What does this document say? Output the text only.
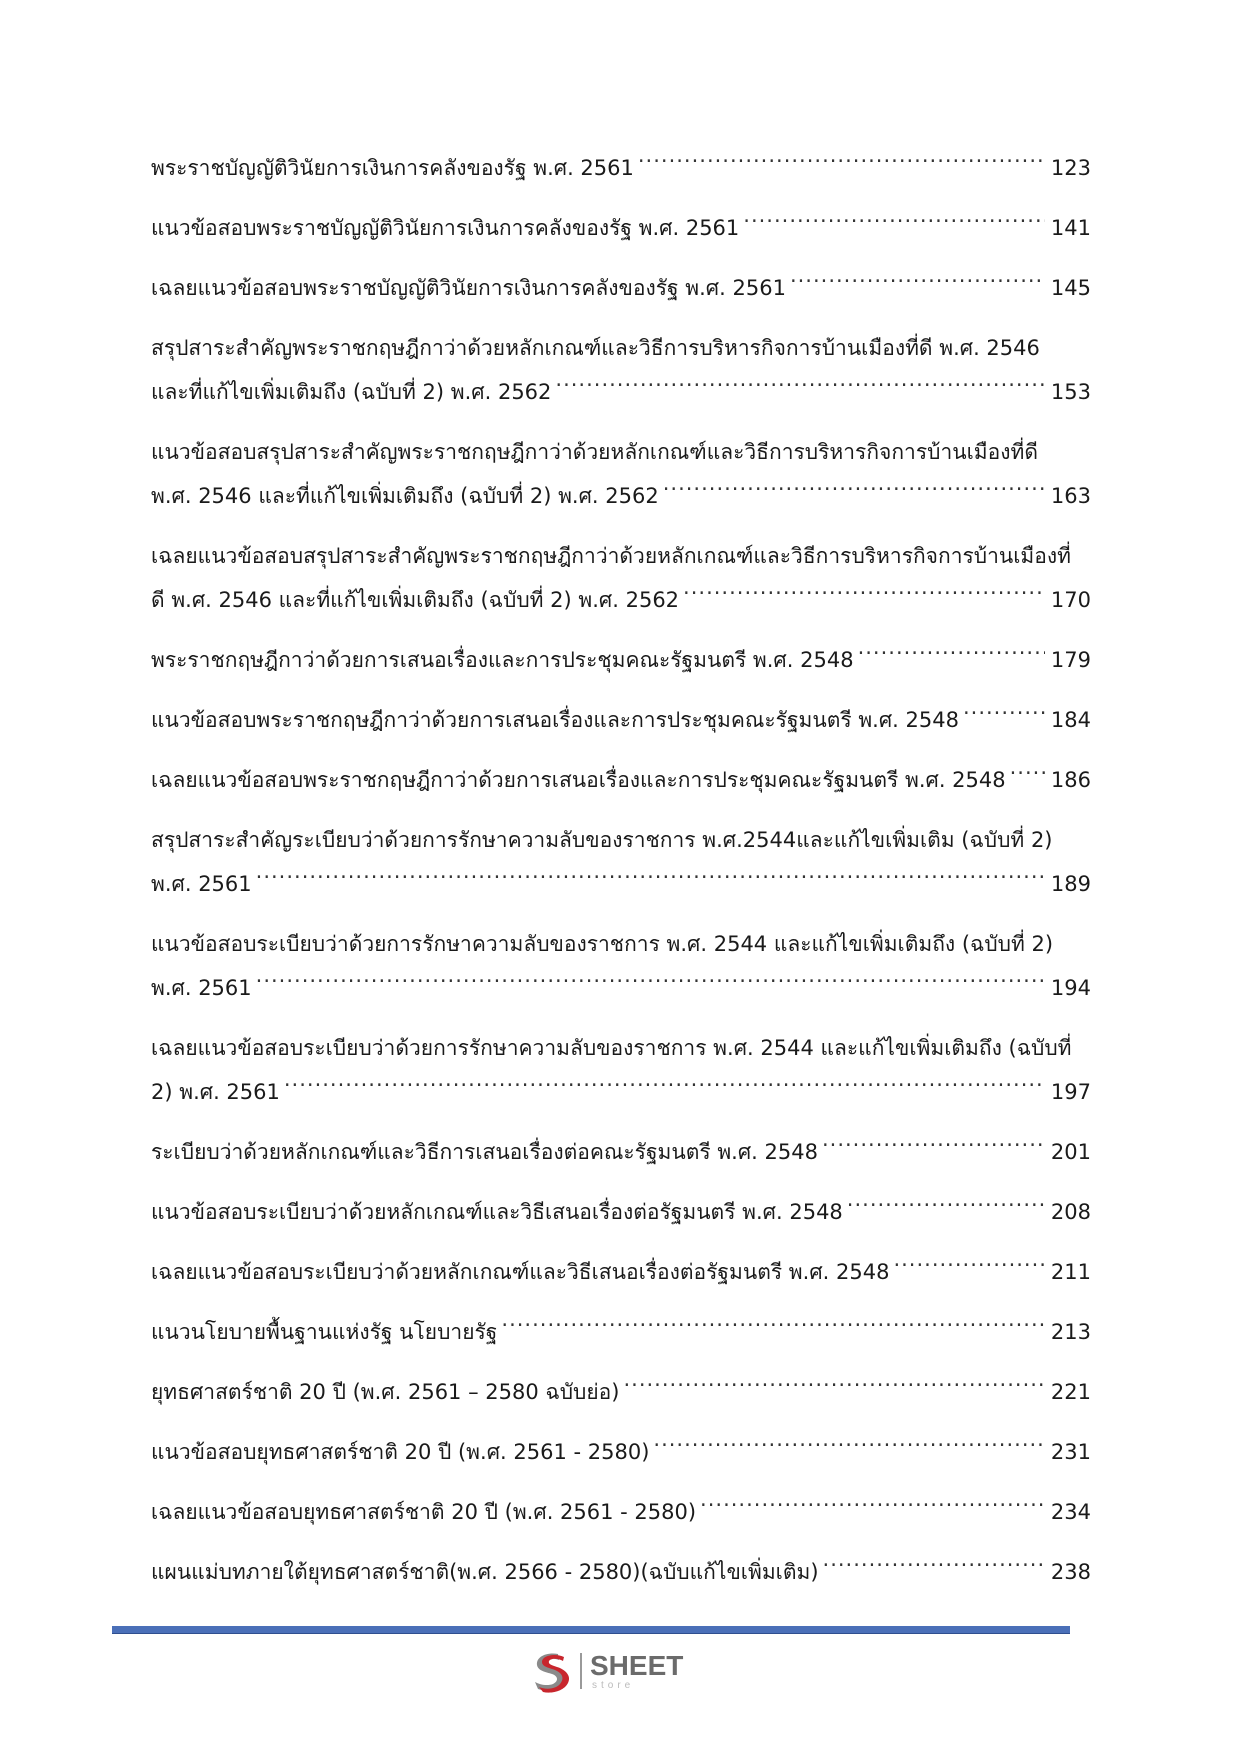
พระราชบัญญัติวินัยการเงินการคลังของรัฐ พ.ศ. 2561 .....	123
แนวข้อสอบพระราชบัญญัติวินัยการเงินการคลังของรัฐ พ.ศ. 2561 .....	141
เฉลยแนวข้อสอบพระราชบัญญัติวินัยการเงินการคลังของรัฐ พ.ศ. 2561 .....	145
สรุปสาระสำคัญพระราชกฤษฎีกาว่าด้วยหลักเกณฑ์และวิธีการบริหารกิจการบ้านเมืองที่ดี พ.ศ. 2546
และที่แก้ไขเพิ่มเติมถึง (ฉบับที่ 2) พ.ศ. 2562 .....	153
แนวข้อสอบสรุปสาระสำคัญพระราชกฤษฎีกาว่าด้วยหลักเกณฑ์และวิธีการบริหารกิจการบ้านเมืองที่ดี
พ.ศ. 2546 และที่แก้ไขเพิ่มเติมถึง (ฉบับที่ 2) พ.ศ. 2562 .....	163
เฉลยแนวข้อสอบสรุปสาระสำคัญพระราชกฤษฎีกาว่าด้วยหลักเกณฑ์และวิธีการบริหารกิจการบ้านเมืองที่
ดี พ.ศ. 2546 และที่แก้ไขเพิ่มเติมถึง (ฉบับที่ 2) พ.ศ. 2562 .....	170
พระราชกฤษฎีกาว่าด้วยการเสนอเรื่องและการประชุมคณะรัฐมนตรี พ.ศ. 2548 .....	179
แนวข้อสอบพระราชกฤษฎีกาว่าด้วยการเสนอเรื่องและการประชุมคณะรัฐมนตรี พ.ศ. 2548 .....	184
เฉลยแนวข้อสอบพระราชกฤษฎีกาว่าด้วยการเสนอเรื่องและการประชุมคณะรัฐมนตรี พ.ศ. 2548 ..... 186
สรุปสาระสำคัญระเบียบว่าด้วยการรักษาความลับของราชการ พ.ศ.2544และแก้ไขเพิ่มเติม (ฉบับที่ 2)
พ.ศ. 2561 .....	189
แนวข้อสอบระเบียบว่าด้วยการรักษาความลับของราชการ พ.ศ. 2544 และแก้ไขเพิ่มเติมถึง (ฉบับที่ 2)
พ.ศ. 2561 .....	194
เฉลยแนวข้อสอบระเบียบว่าด้วยการรักษาความลับของราชการ พ.ศ. 2544 และแก้ไขเพิ่มเติมถึง (ฉบับที่
2) พ.ศ. 2561 .....	197
ระเบียบว่าด้วยหลักเกณฑ์และวิธีการเสนอเรื่องต่อคณะรัฐมนตรี พ.ศ. 2548 .....	201
แนวข้อสอบระเบียบว่าด้วยหลักเกณฑ์และวิธีเสนอเรื่องต่อรัฐมนตรี พ.ศ. 2548 .....	208
เฉลยแนวข้อสอบระเบียบว่าด้วยหลักเกณฑ์และวิธีเสนอเรื่องต่อรัฐมนตรี พ.ศ. 2548 .....	211
แนวนโยบายพื้นฐานแห่งรัฐ นโยบายรัฐ .....	213
ยุทธศาสตร์ชาติ 20 ปี (พ.ศ. 2561 – 2580 ฉบับย่อ) .....	221
แนวข้อสอบยุทธศาสตร์ชาติ 20 ปี (พ.ศ. 2561 - 2580) .....	231
เฉลยแนวข้อสอบยุทธศาสตร์ชาติ 20 ปี (พ.ศ. 2561 - 2580) .....	234
แผนแม่บทภายใต้ยุทธศาสตร์ชาติ(พ.ศ. 2566 - 2580)(ฉบับแก้ไขเพิ่มเติม) .....	238
SHEET
store
